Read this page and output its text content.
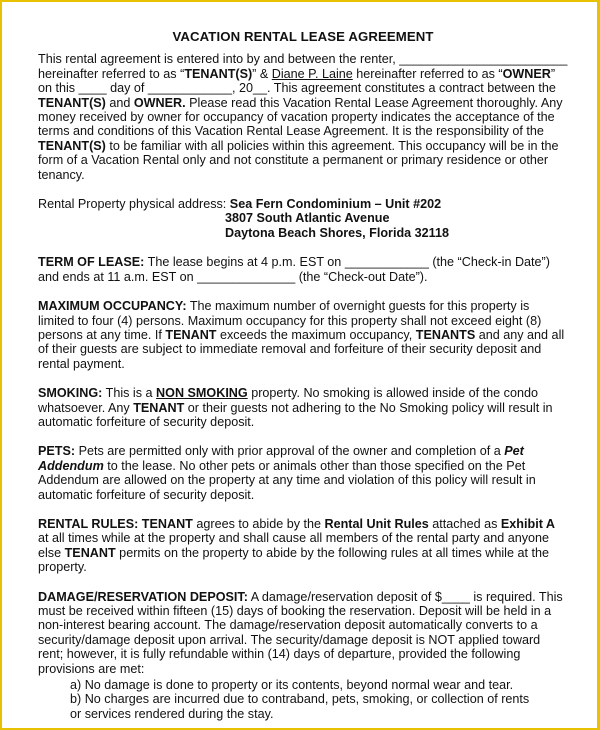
VACATION RENTAL LEASE AGREEMENT

This rental agreement is entered into by and between the renter, ________________________ hereinafter referred to as “TENANT(S)” & Diane P. Laine hereinafter referred to as “OWNER” on this ____ day of ____________, 20__. This agreement constitutes a contract between the TENANT(S) and OWNER. Please read this Vacation Rental Lease Agreement thoroughly. Any money received by owner for occupancy of vacation property indicates the acceptance of the terms and conditions of this Vacation Rental Lease Agreement. It is the responsibility of the TENANT(S) to be familiar with all policies within this agreement. This occupancy will be in the form of a Vacation Rental only and not constitute a permanent or primary residence or other tenancy.

Rental Property physical address: Sea Fern Condominium – Unit #202
3807 South Atlantic Avenue
Daytona Beach Shores, Florida 32118

TERM OF LEASE: The lease begins at 4 p.m. EST on ____________ (the “Check-in Date”) and ends at 11 a.m. EST on ______________ (the “Check-out Date”).

MAXIMUM OCCUPANCY: The maximum number of overnight guests for this property is limited to four (4) persons. Maximum occupancy for this property shall not exceed eight (8) persons at any time. If TENANT exceeds the maximum occupancy, TENANTS and any and all of their guests are subject to immediate removal and forfeiture of their security deposit and rental payment.

SMOKING: This is a NON SMOKING property. No smoking is allowed inside of the condo whatsoever. Any TENANT or their guests not adhering to the No Smoking policy will result in automatic forfeiture of security deposit.

PETS: Pets are permitted only with prior approval of the owner and completion of a Pet Addendum to the lease. No other pets or animals other than those specified on the Pet Addendum are allowed on the property at any time and violation of this policy will result in automatic forfeiture of security deposit.

RENTAL RULES: TENANT agrees to abide by the Rental Unit Rules attached as Exhibit A at all times while at the property and shall cause all members of the rental party and anyone else TENANT permits on the property to abide by the following rules at all times while at the property.

DAMAGE/RESERVATION DEPOSIT: A damage/reservation deposit of $____ is required. This must be received within fifteen (15) days of booking the reservation. Deposit will be held in a non-interest bearing account. The damage/reservation deposit automatically converts to a security/damage deposit upon arrival. The security/damage deposit is NOT applied toward rent; however, it is fully refundable within (14) days of departure, provided the following provisions are met:

a) No damage is done to property or its contents, beyond normal wear and tear.
b) No charges are incurred due to contraband, pets, smoking, or collection of rents
or services rendered during the stay.
